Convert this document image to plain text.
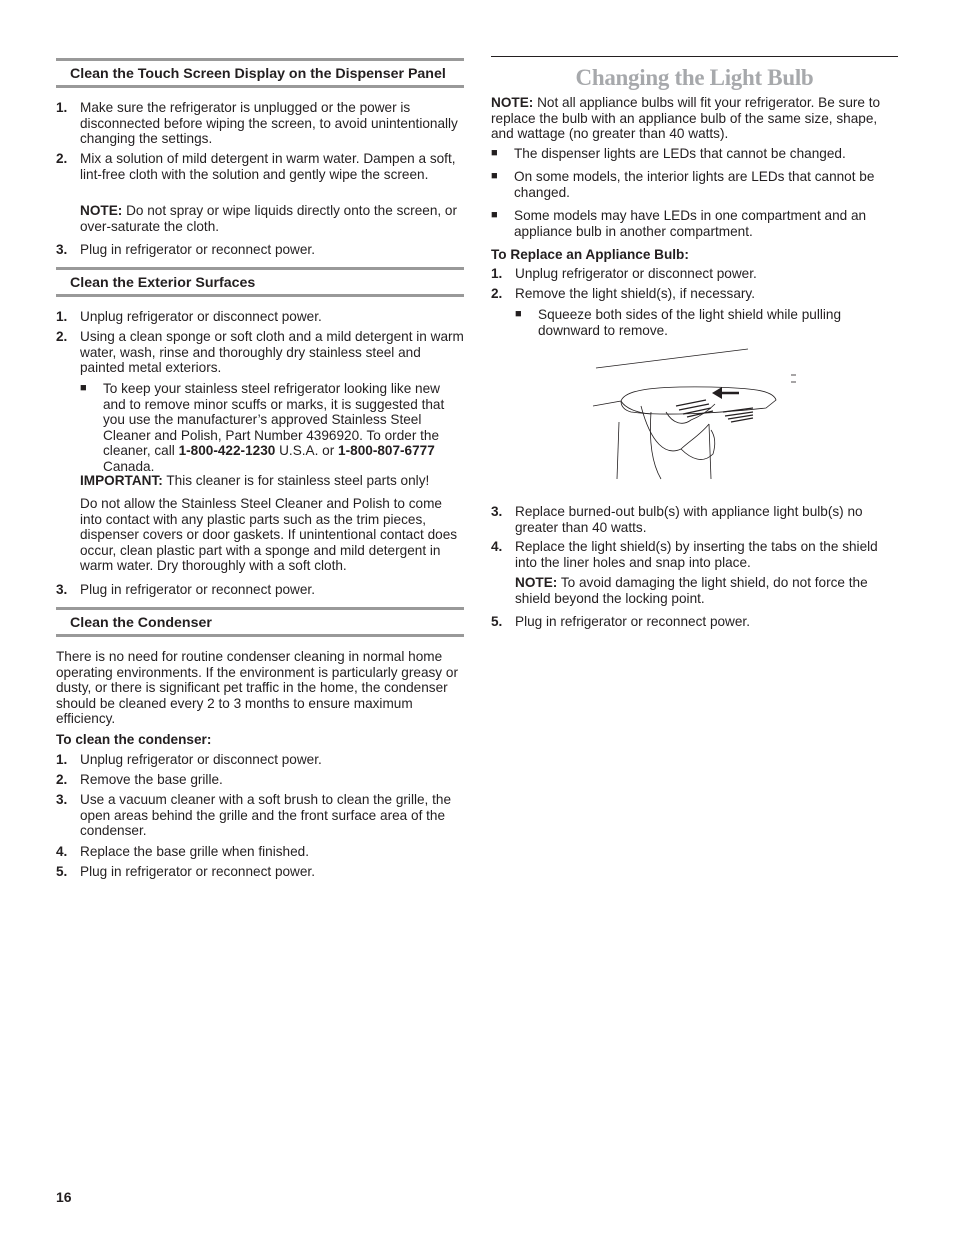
Clean the Touch Screen Display on the Dispenser Panel
1. Make sure the refrigerator is unplugged or the power is disconnected before wiping the screen, to avoid unintentionally changing the settings.
2. Mix a solution of mild detergent in warm water. Dampen a soft, lint-free cloth with the solution and gently wipe the screen.
NOTE: Do not spray or wipe liquids directly onto the screen, or over-saturate the cloth.
3. Plug in refrigerator or reconnect power.
Clean the Exterior Surfaces
1. Unplug refrigerator or disconnect power.
2. Using a clean sponge or soft cloth and a mild detergent in warm water, wash, rinse and thoroughly dry stainless steel and painted metal exteriors.
■ To keep your stainless steel refrigerator looking like new and to remove minor scuffs or marks, it is suggested that you use the manufacturer’s approved Stainless Steel Cleaner and Polish, Part Number 4396920. To order the cleaner, call 1-800-422-1230 U.S.A. or 1-800-807-6777 Canada.
IMPORTANT: This cleaner is for stainless steel parts only!
Do not allow the Stainless Steel Cleaner and Polish to come into contact with any plastic parts such as the trim pieces, dispenser covers or door gaskets. If unintentional contact does occur, clean plastic part with a sponge and mild detergent in warm water. Dry thoroughly with a soft cloth.
3. Plug in refrigerator or reconnect power.
Clean the Condenser
There is no need for routine condenser cleaning in normal home operating environments. If the environment is particularly greasy or dusty, or there is significant pet traffic in the home, the condenser should be cleaned every 2 to 3 months to ensure maximum efficiency.
To clean the condenser:
1. Unplug refrigerator or disconnect power.
2. Remove the base grille.
3. Use a vacuum cleaner with a soft brush to clean the grille, the open areas behind the grille and the front surface area of the condenser.
4. Replace the base grille when finished.
5. Plug in refrigerator or reconnect power.
Changing the Light Bulb
NOTE: Not all appliance bulbs will fit your refrigerator. Be sure to replace the bulb with an appliance bulb of the same size, shape, and wattage (no greater than 40 watts).
■ The dispenser lights are LEDs that cannot be changed.
■ On some models, the interior lights are LEDs that cannot be changed.
■ Some models may have LEDs in one compartment and an appliance bulb in another compartment.
To Replace an Appliance Bulb:
1. Unplug refrigerator or disconnect power.
2. Remove the light shield(s), if necessary.
■ Squeeze both sides of the light shield while pulling downward to remove.
3. Replace burned-out bulb(s) with appliance light bulb(s) no greater than 40 watts.
4. Replace the light shield(s) by inserting the tabs on the shield into the liner holes and snap into place.
NOTE: To avoid damaging the light shield, do not force the shield beyond the locking point.
5. Plug in refrigerator or reconnect power.
16
